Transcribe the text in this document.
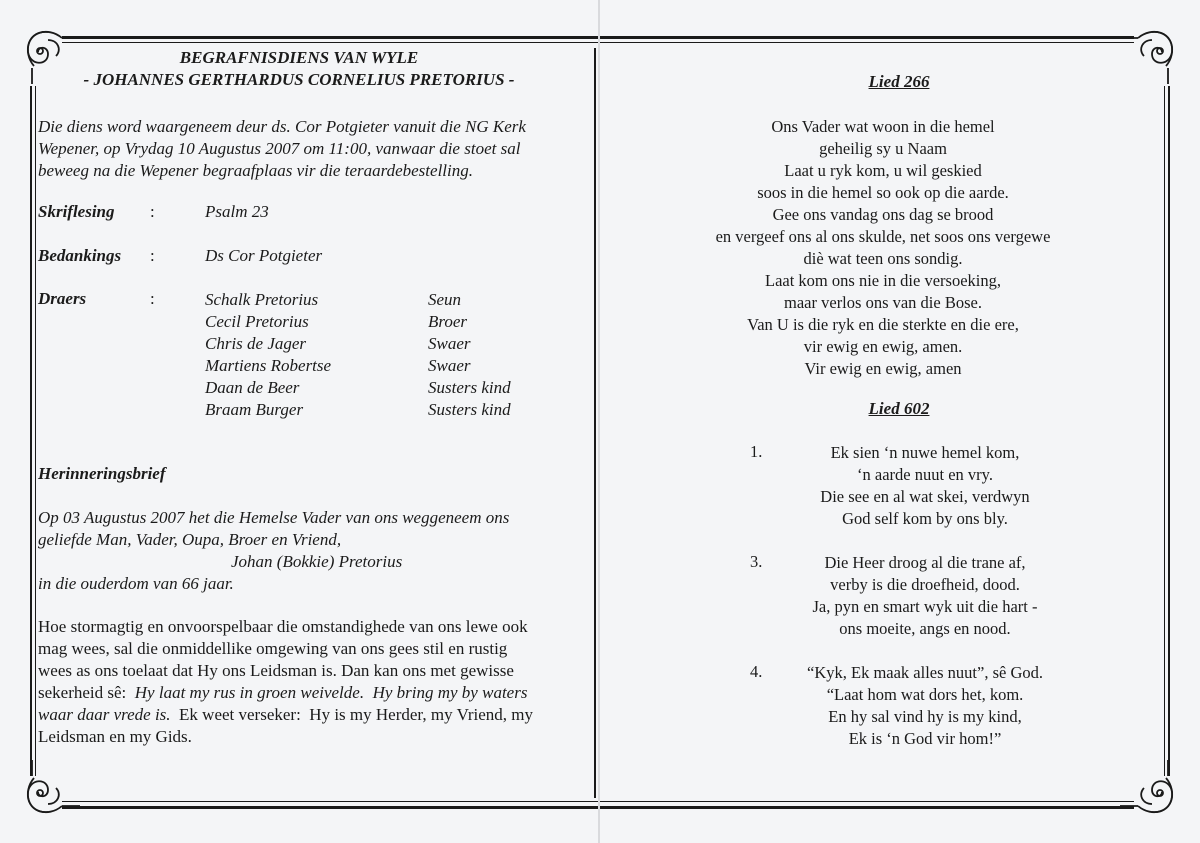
BEGRAFNISDIENS VAN WYLE
- JOHANNES GERTHARDUS CORNELIUS PRETORIUS -
Die diens word waargeneem deur ds. Cor Potgieter vanuit die NG Kerk
Wepener, op Vrydag 10 Augustus 2007 om 11:00, vanwaar die stoet sal
beweeg na die Wepener begraafplaas vir die teraardebestelling.
Skriflesing :	Psalm 23
Bedankings :	Ds Cor Potgieter
Draers	:	Schalk Pretorius	Seun
Cecil Pretorius	Broer
Chris de Jager	Swaer
Martiens Robertse	Swaer
Daan de Beer	Susters kind
Braam Burger	Susters kind
Herinneringsbrief
Op 03 Augustus 2007 het die Hemelse Vader van ons weggeneem ons
geliefde Man, Vader, Oupa, Broer en Vriend,
Johan (Bokkie) Pretorius
in die ouderdom van 66 jaar.
Hoe stormagtig en onvoorspelbaar die omstandighede van ons lewe ook
mag wees, sal die onmiddellike omgewing van ons gees stil en rustig
wees as ons toelaat dat Hy ons Leidsman is. Dan kan ons met gewisse
sekerheid sê:  Hy laat my rus in groen weivelde.  Hy bring my by waters
waar daar vrede is.  Ek weet verseker:  Hy is my Herder, my Vriend, my
Leidsman en my Gids.
Lied 266
Ons Vader wat woon in die hemel
geheilig sy u Naam
Laat u ryk kom, u wil geskied
soos in die hemel so ook op die aarde.
Gee ons vandag ons dag se brood
en vergeef ons al ons skulde, net soos ons vergewe
diè wat teen ons sondig.
Laat kom ons nie in die versoeking,
maar verlos ons van die Bose.
Van U is die ryk en die sterkte en die ere,
vir ewig en ewig, amen.
Vir ewig en ewig, amen
Lied 602
1.	Ek sien ‘n nuwe hemel kom,
‘n aarde nuut en vry.
Die see en al wat skei, verdwyn
God self kom by ons bly.
3.	Die Heer droog al die trane af,
verby is die droefheid, dood.
Ja, pyn en smart wyk uit die hart -
ons moeite, angs en nood.
4.	“Kyk, Ek maak alles nuut”, sê God.
“Laat hom wat dors het, kom.
En hy sal vind hy is my kind,
Ek is ‘n God vir hom!”
